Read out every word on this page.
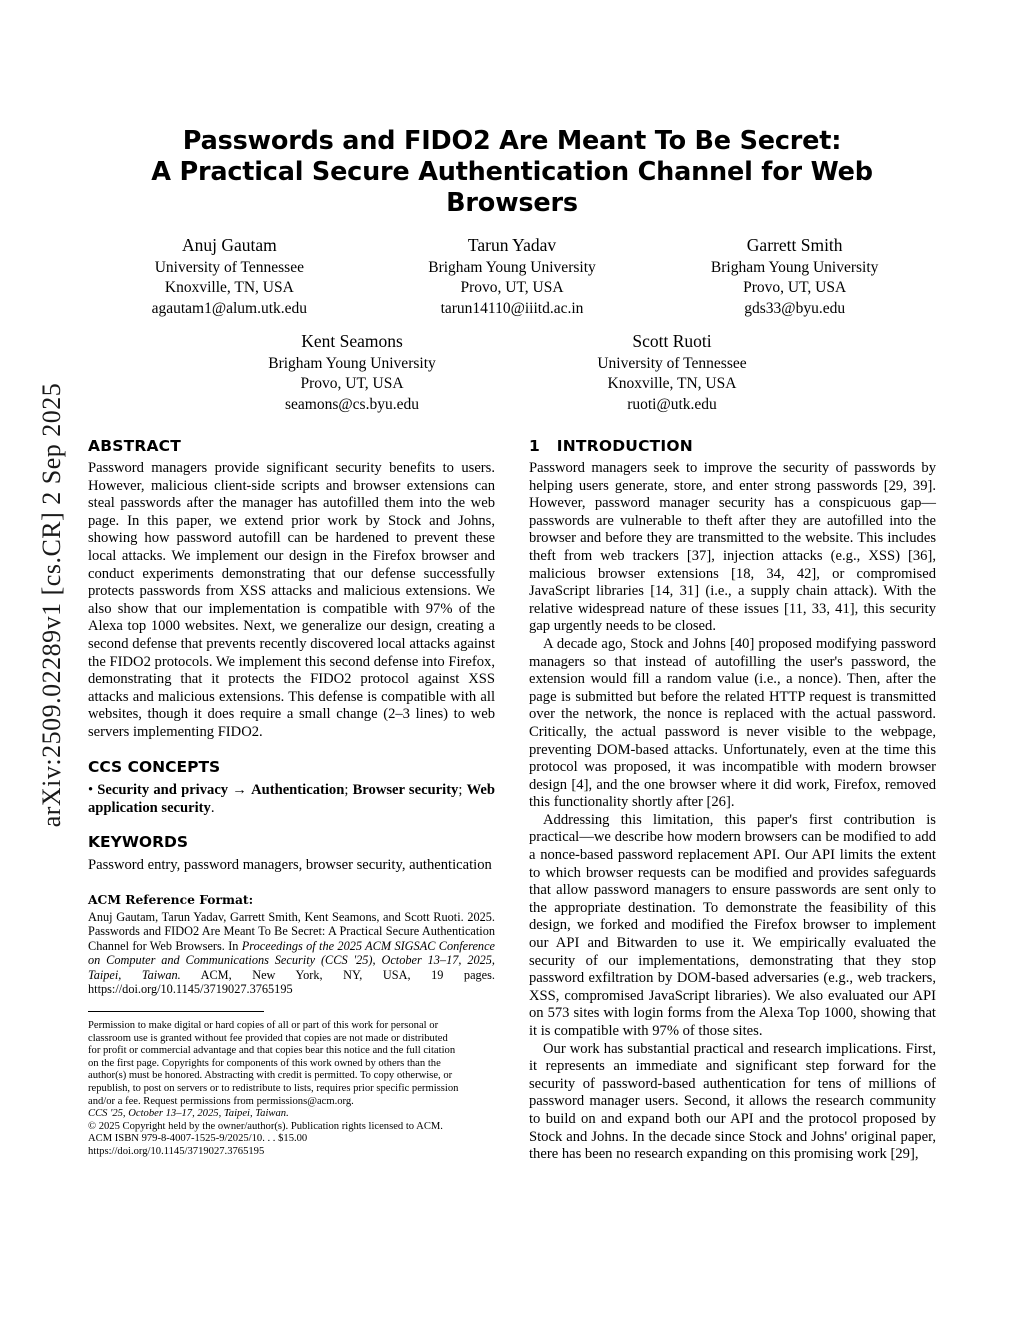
arXiv:2509.02289v1 [cs.CR] 2 Sep 2025
Passwords and FIDO2 Are Meant To Be Secret:
A Practical Secure Authentication Channel for Web Browsers
Anuj Gautam
University of Tennessee
Knoxville, TN, USA
agautam1@alum.utk.edu
Tarun Yadav
Brigham Young University
Provo, UT, USA
tarun14110@iiitd.ac.in
Garrett Smith
Brigham Young University
Provo, UT, USA
gds33@byu.edu
Kent Seamons
Brigham Young University
Provo, UT, USA
seamons@cs.byu.edu
Scott Ruoti
University of Tennessee
Knoxville, TN, USA
ruoti@utk.edu
ABSTRACT

Password managers provide significant security benefits to users. However, malicious client-side scripts and browser extensions can steal passwords after the manager has autofilled them into the web page. In this paper, we extend prior work by Stock and Johns, showing how password autofill can be hardened to prevent these local attacks. We implement our design in the Firefox browser and conduct experiments demonstrating that our defense successfully protects passwords from XSS attacks and malicious extensions. We also show that our implementation is compatible with 97% of the Alexa top 1000 websites. Next, we generalize our design, creating a second defense that prevents recently discovered local attacks against the FIDO2 protocols. We implement this second defense into Firefox, demonstrating that it protects the FIDO2 protocol against XSS attacks and malicious extensions. This defense is compatible with all websites, though it does require a small change (2–3 lines) to web servers implementing FIDO2.

CCS CONCEPTS

• Security and privacy → Authentication; Browser security; Web application security.

KEYWORDS

Password entry, password managers, browser security, authentication

ACM Reference Format:
Anuj Gautam, Tarun Yadav, Garrett Smith, Kent Seamons, and Scott Ruoti. 2025. Passwords and FIDO2 Are Meant To Be Secret: A Practical Secure Authentication Channel for Web Browsers. In Proceedings of the 2025 ACM SIGSAC Conference on Computer and Communications Security (CCS '25), October 13–17, 2025, Taipei, Taiwan. ACM, New York, NY, USA, 19 pages. https://doi.org/10.1145/3719027.3765195
Permission to make digital or hard copies of all or part of this work for personal or
classroom use is granted without fee provided that copies are not made or distributed
for profit or commercial advantage and that copies bear this notice and the full citation
on the first page. Copyrights for components of this work owned by others than the
author(s) must be honored. Abstracting with credit is permitted. To copy otherwise, or
republish, to post on servers or to redistribute to lists, requires prior specific permission
and/or a fee. Request permissions from permissions@acm.org.
CCS '25, October 13–17, 2025, Taipei, Taiwan.
© 2025 Copyright held by the owner/author(s). Publication rights licensed to ACM.
ACM ISBN 979-8-4007-1525-9/2025/10. . . $15.00
https://doi.org/10.1145/3719027.3765195
1 INTRODUCTION

Password managers seek to improve the security of passwords by helping users generate, store, and enter strong passwords [29, 39]. However, password manager security has a conspicuous gap—passwords are vulnerable to theft after they are autofilled into the browser and before they are transmitted to the website. This includes theft from web trackers [37], injection attacks (e.g., XSS) [36], malicious browser extensions [18, 34, 42], or compromised JavaScript libraries [14, 31] (i.e., a supply chain attack). With the relative widespread nature of these issues [11, 33, 41], this security gap urgently needs to be closed.

A decade ago, Stock and Johns [40] proposed modifying password managers so that instead of autofilling the user's password, the extension would fill a random value (i.e., a nonce). Then, after the page is submitted but before the related HTTP request is transmitted over the network, the nonce is replaced with the actual password. Critically, the actual password is never visible to the webpage, preventing DOM-based attacks. Unfortunately, even at the time this protocol was proposed, it was incompatible with modern browser design [4], and the one browser where it did work, Firefox, removed this functionality shortly after [26].

Addressing this limitation, this paper's first contribution is practical—we describe how modern browsers can be modified to add a nonce-based password replacement API. Our API limits the extent to which browser requests can be modified and provides safeguards that allow password managers to ensure passwords are sent only to the appropriate destination. To demonstrate the feasibility of this design, we forked and modified the Firefox browser to implement our API and Bitwarden to use it. We empirically evaluated the security of our implementations, demonstrating that they stop password exfiltration by DOM-based adversaries (e.g., web trackers, XSS, compromised JavaScript libraries). We also evaluated our API on 573 sites with login forms from the Alexa Top 1000, showing that it is compatible with 97% of those sites.

Our work has substantial practical and research implications. First, it represents an immediate and significant step forward for the security of password-based authentication for tens of millions of password manager users. Second, it allows the research community to build on and expand both our API and the protocol proposed by Stock and Johns. In the decade since Stock and Johns' original paper, there has been no research expanding on this promising work [29],
